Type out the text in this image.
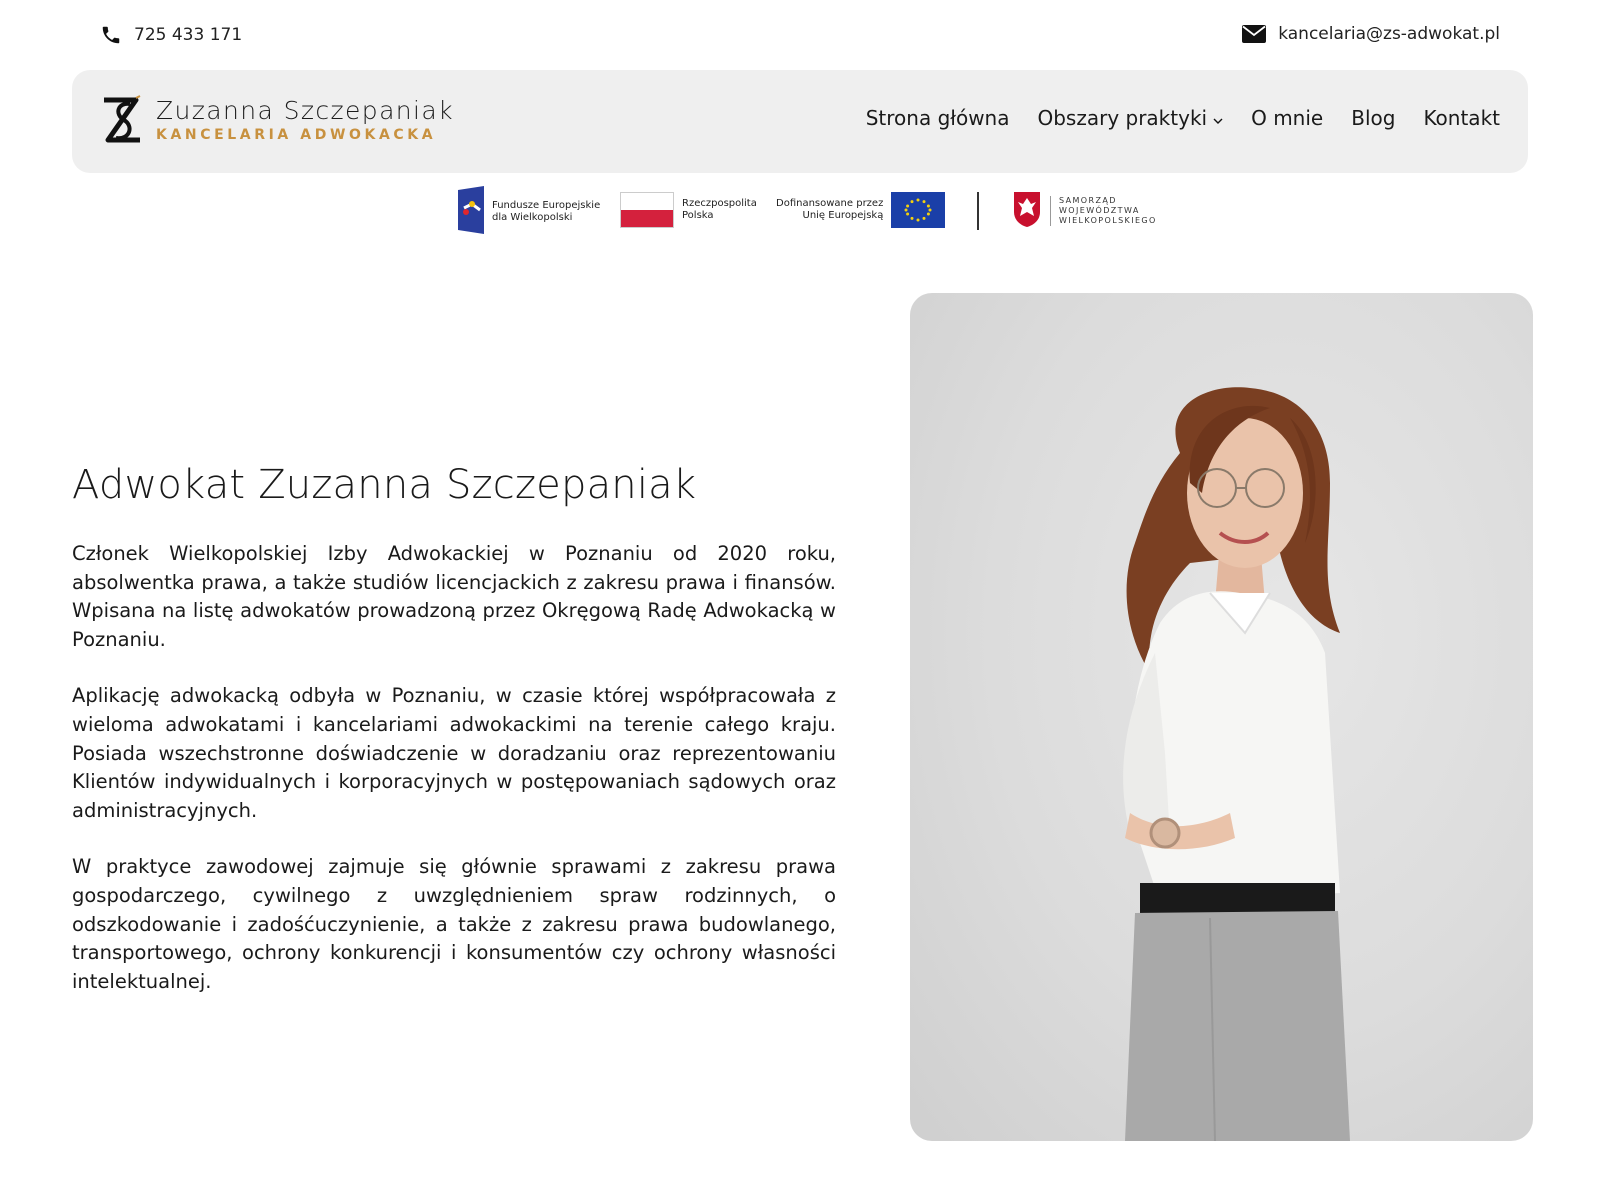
725 433 171	kancelaria@zs-adwokat.pl
Zuzanna Szczepaniak
KANCELARIA ADWOKACKA
Strona główna Obszary praktyki O mnie Blog Kontakt
Fundusze Europejskie
dla Wielkopolski
Rzeczpospolita
Polska
Dofinansowane przez
Unię Europejską
SAMORZĄD
WOJEWÓDZTWA
WIELKOPOLSKIEGO
Adwokat Zuzanna Szczepaniak

Członek Wielkopolskiej Izby Adwokackiej w Poznaniu od 2020 roku, absolwentka prawa, a także studiów licencjackich z zakresu prawa i finansów. Wpisana na listę adwokatów prowadzoną przez Okręgową Radę Adwokacką w Poznaniu.

Aplikację adwokacką odbyła w Poznaniu, w czasie której współpracowała z wieloma adwokatami i kancelariami adwokackimi na terenie całego kraju. Posiada wszechstronne doświadczenie w doradzaniu oraz reprezentowaniu Klientów indywidualnych i korporacyjnych w postępowaniach sądowych oraz administracyjnych.

W praktyce zawodowej zajmuje się głównie sprawami z zakresu prawa gospodarczego, cywilnego z uwzględnieniem spraw rodzinnych, o odszkodowanie i zadośćuczynienie, a także z zakresu prawa budowlanego, transportowego, ochrony konkurencji i konsumentów czy ochrony własności intelektualnej.
